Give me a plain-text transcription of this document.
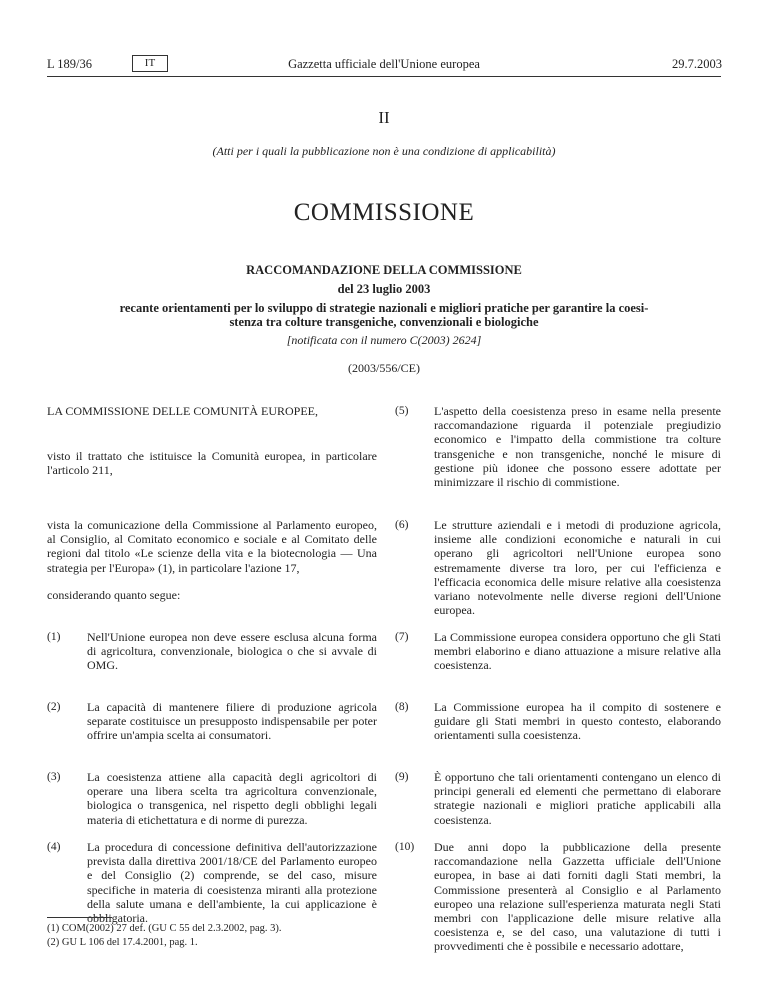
L 189/36	IT	Gazzetta ufficiale dell'Unione europea	29.7.2003
II
(Atti per i quali la pubblicazione non è una condizione di applicabilità)
COMMISSIONE
RACCOMANDAZIONE DELLA COMMISSIONE
del 23 luglio 2003
recante orientamenti per lo sviluppo di strategie nazionali e migliori pratiche per garantire la coesi-
stenza tra colture transgeniche, convenzionali e biologiche
[notificata con il numero C(2003) 2624]
(2003/556/CE)
LA COMMISSIONE DELLE COMUNITÀ EUROPEE,
visto il trattato che istituisce la Comunità europea, in particolare l'articolo 211,
vista la comunicazione della Commissione al Parlamento europeo, al Consiglio, al Comitato economico e sociale e al Comitato delle regioni dal titolo «Le scienze della vita e la biotecnologia — Una strategia per l'Europa» (1), in particolare l'azione 17,
considerando quanto segue:
(1) Nell'Unione europea non deve essere esclusa alcuna forma di agricoltura, convenzionale, biologica o che si avvale di OMG.
(2) La capacità di mantenere filiere di produzione agricola separate costituisce un presupposto indispensabile per poter offrire un'ampia scelta ai consumatori.
(3) La coesistenza attiene alla capacità degli agricoltori di operare una libera scelta tra agricoltura convenzionale, biologica o transgenica, nel rispetto degli obblighi legali materia di etichettatura e di norme di purezza.
(4) La procedura di concessione definitiva dell'autorizzazione prevista dalla direttiva 2001/18/CE del Parlamento europeo e del Consiglio (2) comprende, se del caso, misure specifiche in materia di coesistenza miranti alla protezione della salute umana e dell'ambiente, la cui applicazione è obbligatoria.
(5) L'aspetto della coesistenza preso in esame nella presente raccomandazione riguarda il potenziale pregiudizio economico e l'impatto della commistione tra colture transgeniche e non transgeniche, nonché le misure di gestione più idonee che possono essere adottate per minimizzare il rischio di commistione.
(6) Le strutture aziendali e i metodi di produzione agricola, insieme alle condizioni economiche e naturali in cui operano gli agricoltori nell'Unione europea sono estremamente diverse tra loro, per cui l'efficienza e l'efficacia economica delle misure relative alla coesistenza variano notevolmente nelle diverse regioni dell'Unione europea.
(7) La Commissione europea considera opportuno che gli Stati membri elaborino e diano attuazione a misure relative alla coesistenza.
(8) La Commissione europea ha il compito di sostenere e guidare gli Stati membri in questo contesto, elaborando orientamenti sulla coesistenza.
(9) È opportuno che tali orientamenti contengano un elenco di principi generali ed elementi che permettano di elaborare strategie nazionali e migliori pratiche applicabili alla coesistenza.
(10) Due anni dopo la pubblicazione della presente raccomandazione nella Gazzetta ufficiale dell'Unione europea, in base ai dati forniti dagli Stati membri, la Commissione presenterà al Consiglio e al Parlamento europeo una relazione sull'esperienza maturata negli Stati membri con l'applicazione delle misure relative alla coesistenza e, se del caso, una valutazione di tutti i provvedimenti che è possibile e necessario adottare,
(1) COM(2002) 27 def. (GU C 55 del 2.3.2002, pag. 3).
(2) GU L 106 del 17.4.2001, pag. 1.
